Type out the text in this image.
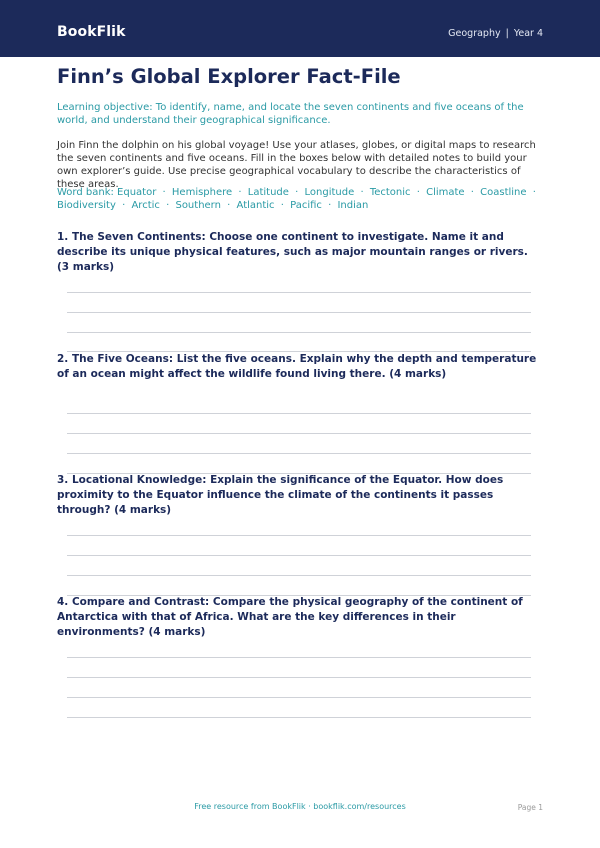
BookFlik	Geography | Year 4
Finn’s Global Explorer Fact-File

Learning objective: To identify, name, and locate the seven continents and five oceans of the world, and understand their geographical significance.

Join Finn the dolphin on his global voyage! Use your atlases, globes, or digital maps to research the seven continents and five oceans. Fill in the boxes below with detailed notes to build your own explorer’s guide. Use precise geographical vocabulary to describe the characteristics of these areas.

Word bank: Equator · Hemisphere · Latitude · Longitude · Tectonic · Climate · Coastline · Biodiversity · Arctic · Southern · Atlantic · Pacific · Indian

1. The Seven Continents: Choose one continent to investigate. Name it and describe its unique physical features, such as major mountain ranges or rivers. (3 marks)

2. The Five Oceans: List the five oceans. Explain why the depth and temperature of an ocean might affect the wildlife found living there. (4 marks)

3. Locational Knowledge: Explain the significance of the Equator. How does proximity to the Equator influence the climate of the continents it passes through? (4 marks)

4. Compare and Contrast: Compare the physical geography of the continent of Antarctica with that of Africa. What are the key differences in their environments? (4 marks)

Free resource from BookFlik · bookflik.com/resources	Page 1
